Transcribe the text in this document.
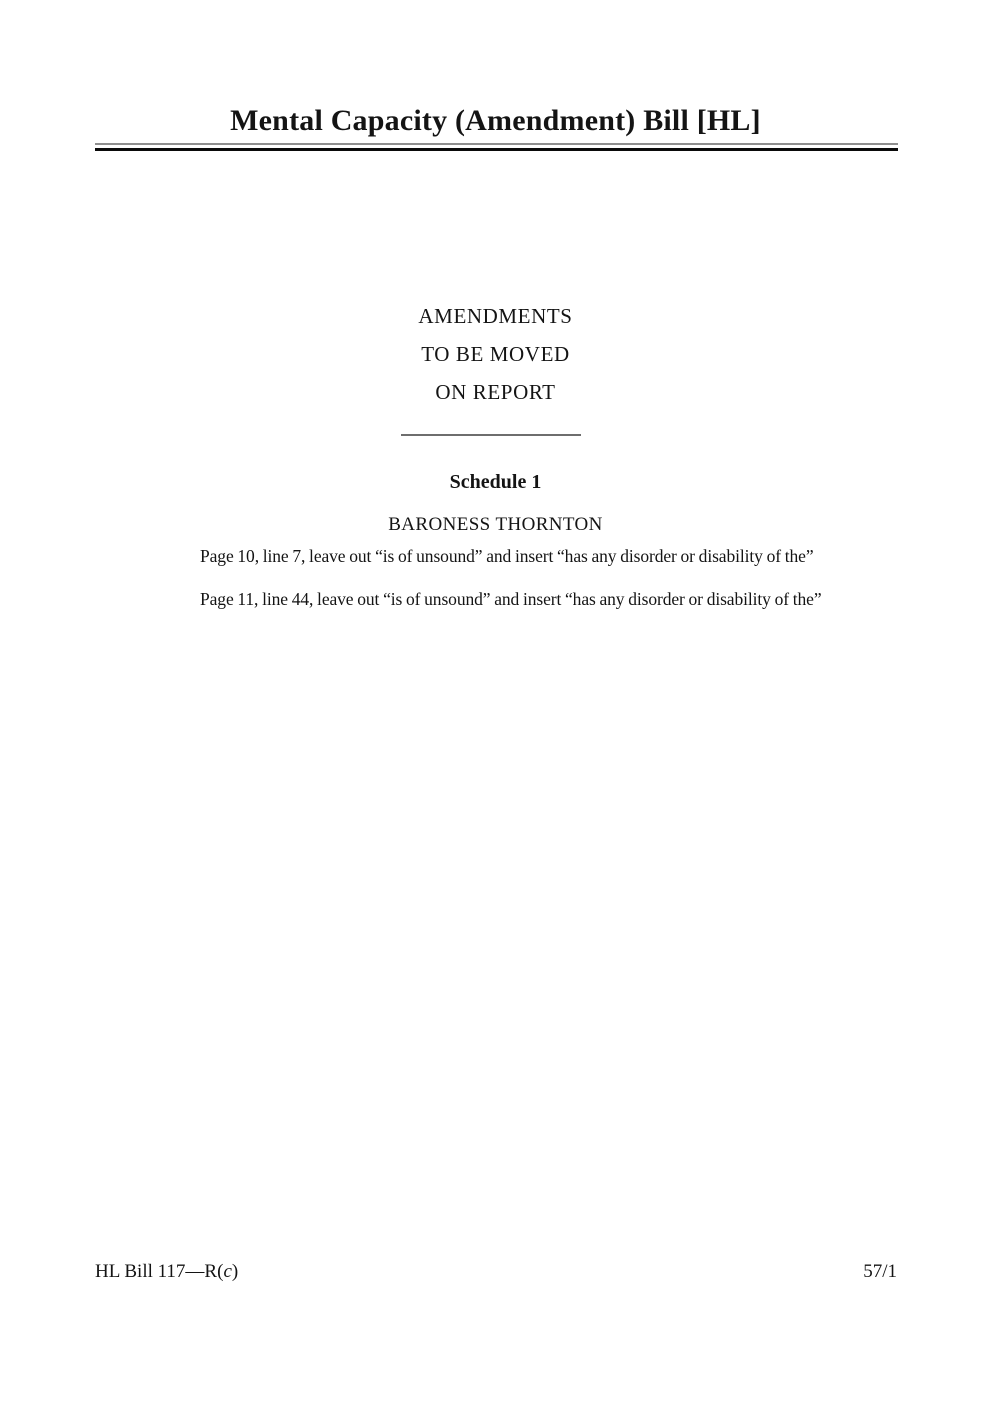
Mental Capacity (Amendment) Bill [HL]
AMENDMENTS
TO BE MOVED
ON REPORT
Schedule 1
BARONESS THORNTON

Page 10, line 7, leave out “is of unsound” and insert “has any disorder or disability of the”

Page 11, line 44, leave out “is of unsound” and insert “has any disorder or disability of the”

HL Bill 117—R(c)	57/1
